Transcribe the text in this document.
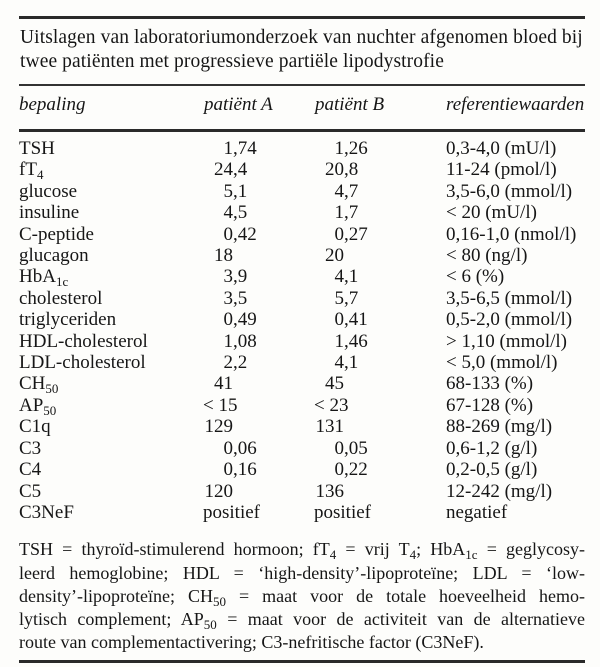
Uitslagen van laboratoriumonderzoek van nuchter afgenomen bloed bij
twee patiënten met progressieve partiële lipodystrofie
bepaling	patiënt A	patiënt B	referentiewaarden
TSH	1,74	1,26	0,3-4,0 (mU/l)
$fT_4$	24,4	20,8	11-24 (pmol/l)
glucose	5,1	4,7	3,5-6,0 (mmol/l)
insuline	4,5	1,7	< 20 (mU/l)
C-peptide	0,42	0,27	0,16-1,0 (nmol/l)
glucagon	18	20	< 80 (ng/l)
HbA$_{1c}$	3,9	4,1	< 6 (%)
cholesterol	3,5	5,7	3,5-6,5 (mmol/l)
triglyceriden	0,49	0,41	0,5-2,0 (mmol/l)
HDL-cholesterol	1,08	1,46	> 1,10 (mmol/l)
LDL-cholesterol	2,2	4,1	< 5,0 (mmol/l)
$CH_{50}$	41	45	68-133 (%)
$AP_{50}$	< 15	< 23	67-128 (%)
C1q	129	131	88-269 (mg/l)
C3	0,06	0,05	0,6-1,2 (g/l)
C4	0,16	0,22	0,2-0,5 (g/l)
C5	120	136	12-242 (mg/l)
C3NeF	positief	positief	negatief
TSH = thyroïd-stimulerend hormoon; $fT_4$ = vrij $T_4$; HbA$_{1c}$ = geglycosy-
leerd hemoglobine; HDL = ‘high-density’-lipoproteïne; LDL = ‘low-
density’-lipoproteïne; $CH_{50}$ = maat voor de totale hoeveelheid hemo-
lytisch complement; $AP_{50}$ = maat voor de activiteit van de alternatieve
route van complementactivering; C3-nefritische factor (C3NeF).
